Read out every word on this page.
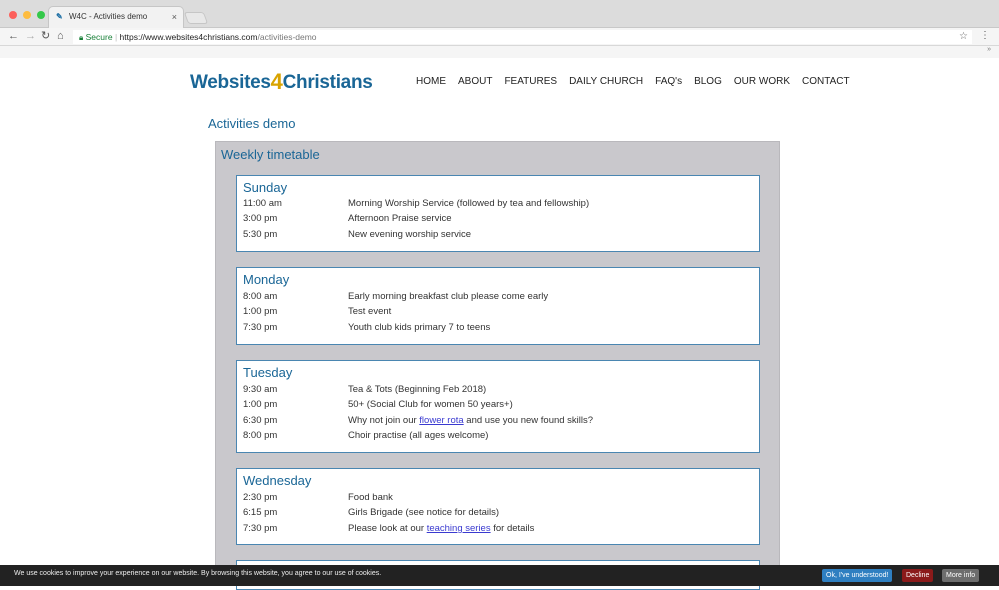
✎ W4C - Activities demo	×
← → ↻ ⌂	🔒︎ Secure | https://www.websites4christians.com/activities-demo	☆ ⋮
»
Websites4Christians	HOME ABOUT FEATURES DAILY CHURCH FAQ's BLOG OUR WORK CONTACT
Activities demo
Weekly timetable
Sunday
11:00 am	Morning Worship Service (followed by tea and fellowship)
3:00 pm	Afternoon Praise service
5:30 pm	New evening worship service
Monday
8:00 am	Early morning breakfast club please come early
1:00 pm	Test event
7:30 pm	Youth club kids primary 7 to teens
Tuesday
9:30 am	Tea & Tots (Beginning Feb 2018)
1:00 pm	50+ (Social Club for women 50 years+)
6:30 pm	Why not join our flower rota and use you new found skills?
8:00 pm	Choir practise (all ages welcome)
Wednesday
2:30 pm	Food bank
6:15 pm	Girls Brigade (see notice for details)
7:30 pm	Please look at our teaching series for details
We use cookies to improve your experience on our website. By browsing this website, you agree to our use of cookies.	Ok, I've understood!	Decline	More info
